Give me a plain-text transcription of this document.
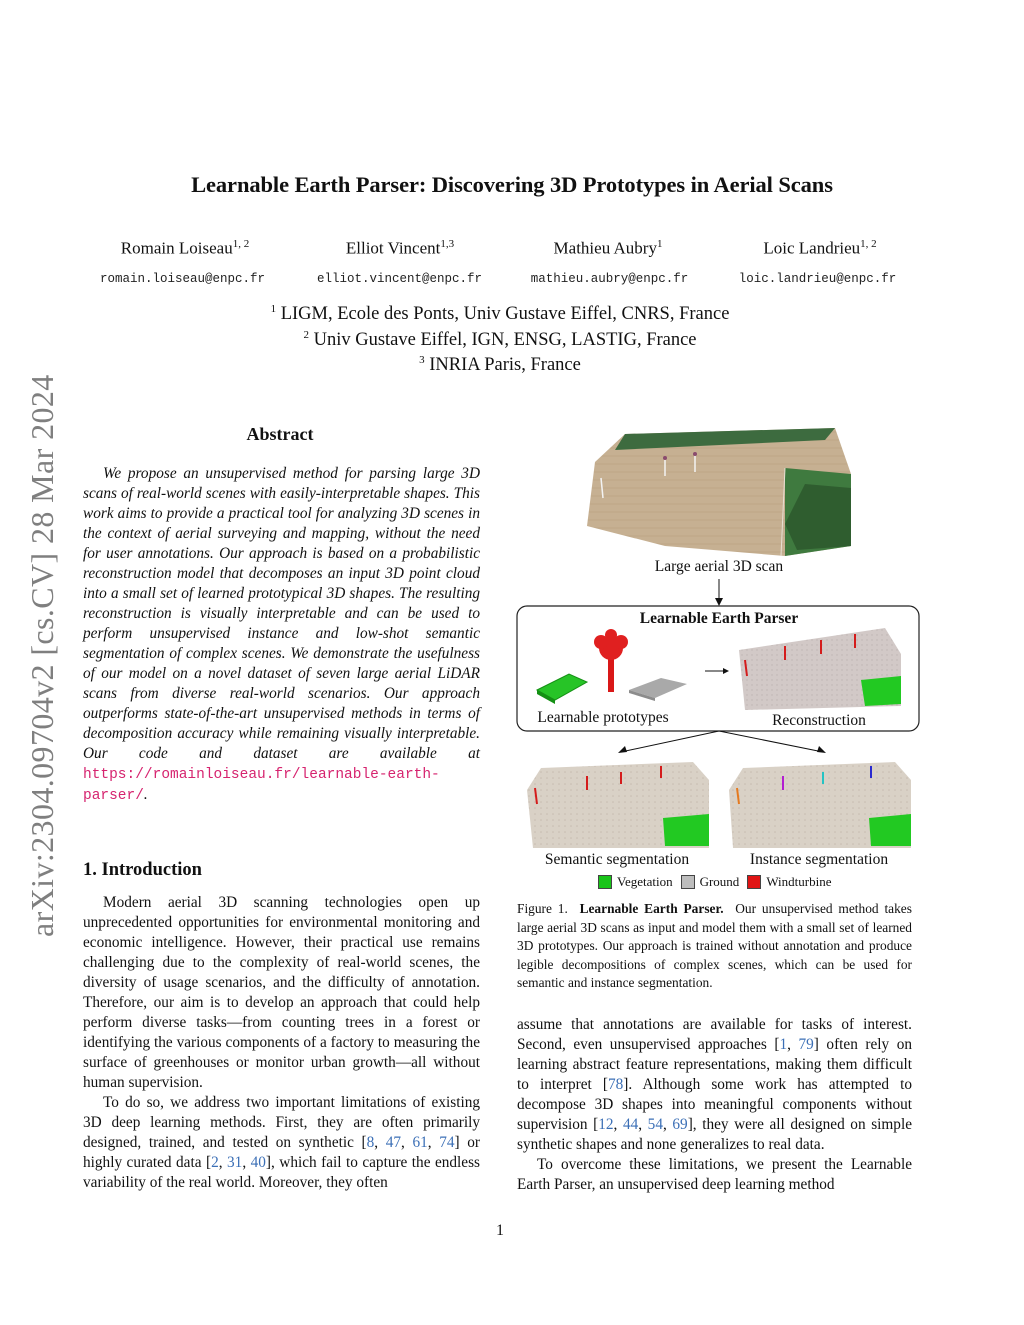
Learnable Earth Parser: Discovering 3D Prototypes in Aerial Scans
Romain Loiseau$^{1, 2}$	Elliot Vincent$^{1,3}$	Mathieu Aubry$^1$	Loic Landrieu$^{1, 2}$
romain.loiseau@enpc.fr	elliot.vincent@enpc.fr	mathieu.aubry@enpc.fr	loic.landrieu@enpc.fr
$^1$ LIGM, Ecole des Ponts, Univ Gustave Eiffel, CNRS, France
$^2$ Univ Gustave Eiffel, IGN, ENSG, LASTIG, France
$^3$ INRIA Paris, France
arXiv:2304.09704v2 [cs.CV] 28 Mar 2024	Abstract
We propose an unsupervised method for parsing large 3D scans of real-world scenes with easily-interpretable shapes. This work aims to provide a practical tool for analyzing 3D scenes in the context of aerial surveying and mapping, without the need for user annotations. Our approach is based on a probabilistic reconstruction model that decomposes an input 3D point cloud into a small set of learned prototypical 3D shapes. The resulting reconstruction is visually interpretable and can be used to perform unsupervised instance and low-shot semantic segmentation of complex scenes. We demonstrate the usefulness of our model on a novel dataset of seven large aerial LiDAR scans from diverse real-world scenarios. Our approach outperforms state-of-the-art unsupervised methods in terms of decomposition accuracy while remaining visually interpretable. Our code and dataset are available at https://romainloiseau.fr/learnable-earth-parser/.
1. Introduction
Modern aerial 3D scanning technologies open up unprecedented opportunities for environmental monitoring and economic intelligence. However, their practical use remains challenging due to the complexity of real-world scenes, the diversity of usage scenarios, and the difficulty of annotation. Therefore, our aim is to develop an approach that could help perform diverse tasks—from counting trees in a forest or identifying the various components of a factory to measuring the surface of greenhouses or monitor urban growth—all without human supervision.
To do so, we address two important limitations of existing 3D deep learning methods. First, they are often primarily designed, trained, and tested on synthetic [8, 47, 61, 74] or highly curated data [2, 31, 40], which fail to capture the endless variability of the real world. Moreover, they often
Large aerial 3D scan
Learnable Earth Parser
Learnable prototypes	Reconstruction
Semantic segmentation	Instance segmentation
Vegetation Ground Windturbine
Figure 1. Learnable Earth Parser. Our unsupervised method takes large aerial 3D scans as input and model them with a small set of learned 3D prototypes. Our approach is trained without annotation and produce legible decompositions of complex scenes, which can be used for semantic and instance segmentation.
assume that annotations are available for tasks of interest. Second, even unsupervised approaches [1, 79] often rely on learning abstract feature representations, making them difficult to interpret [78]. Although some work has attempted to decompose 3D shapes into meaningful components without supervision [12, 44, 54, 69], they were all designed on simple synthetic shapes and none generalizes to real data.
To overcome these limitations, we present the Learnable Earth Parser, an unsupervised deep learning method
1
